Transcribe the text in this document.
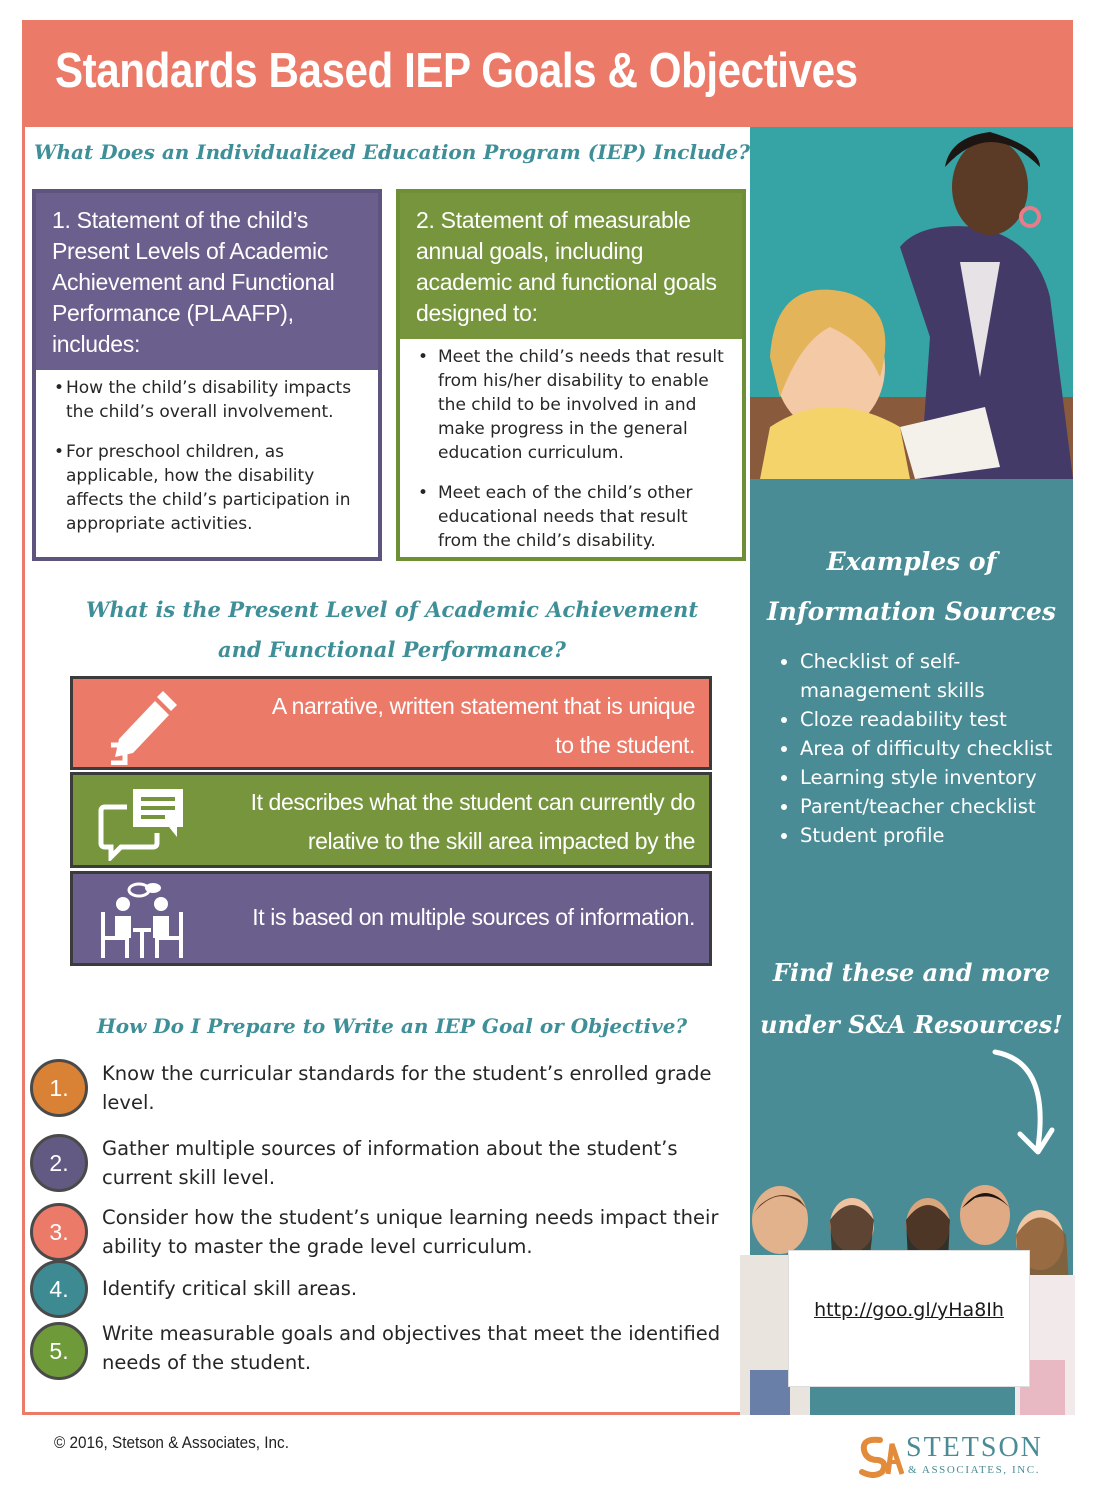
Standards Based IEP Goals & Objectives
What Does an Individualized Education Program (IEP) Include?
1. Statement of the child’s Present Levels of Academic Achievement and Functional Performance (PLAAFP), includes:
• How the child’s disability impacts the child’s overall involvement.
• For preschool children, as applicable, how the disability affects the child’s participation in appropriate activities.
2. Statement of measurable annual goals, including academic and functional goals designed to:
• Meet the child’s needs that result from his/her disability to enable the child to be involved in and make progress in the general education curriculum.
• Meet each of the child’s other educational needs that result from the child’s disability.
Examples of
Information Sources
• Checklist of self-management skills
• Cloze readability test
• Area of difficulty checklist
• Learning style inventory
• Parent/teacher checklist
• Student profile
Find these and more
under S&A Resources!
http://goo.gl/yHa8Ih
What is the Present Level of Academic Achievement
and Functional Performance?
A narrative, written statement that is unique
to the student.
It describes what the student can currently do
relative to the skill area impacted by the
It is based on multiple sources of information.
How Do I Prepare to Write an IEP Goal or Objective?
1.
Know the curricular standards for the student’s enrolled grade level.
2.
Gather multiple sources of information about the student’s current skill level.
3.
Consider how the student’s unique learning needs impact their ability to master the grade level curriculum.
4.	Identify critical skill areas.
5.
Write measurable goals and objectives that meet the identified needs of the student.
© 2016, Stetson & Associates, Inc.	STETSON
& ASSOCIATES, INC.
